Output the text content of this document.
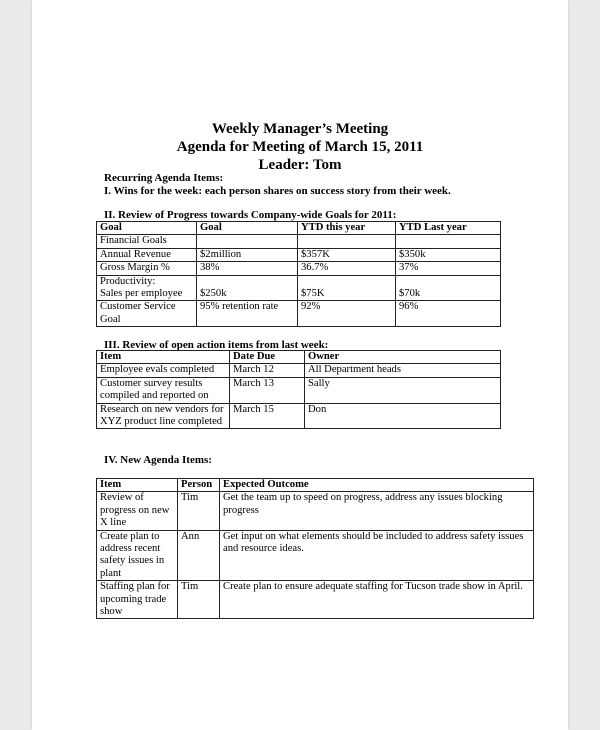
Weekly Manager’s Meeting
Agenda for Meeting of March 15, 2011
Leader: Tom
Recurring Agenda Items:
I. Wins for the week: each person shares on success story from their week.
II. Review of Progress towards Company-wide Goals for 2011:
Goal	Goal	YTD this year	YTD Last year
Financial Goals			
Annual Revenue	$2million	$357K	$350k
Gross Margin %	38%	36.7%	37%
Productivity:			
Sales per employee	$250k	$75K	$70k
Customer Service Goal	95% retention rate	92%	96%
III. Review of open action items from last week:
Item	Date Due	Owner
Employee evals completed	March 12	All Department heads
Customer survey results compiled and reported on	March 13	Sally
Research on new vendors for XYZ product line completed	March 15	Don
IV. New Agenda Items:
Item	Person	Expected Outcome
Review of progress on new X line	Tim	Get the team up to speed on progress, address any issues blocking progress
Create plan to address recent safety issues in plant	Ann	Get input on what elements should be included to address safety issues and resource ideas.
Staffing plan for upcoming trade show	Tim	Create plan to ensure adequate staffing for Tucson trade show in April.
